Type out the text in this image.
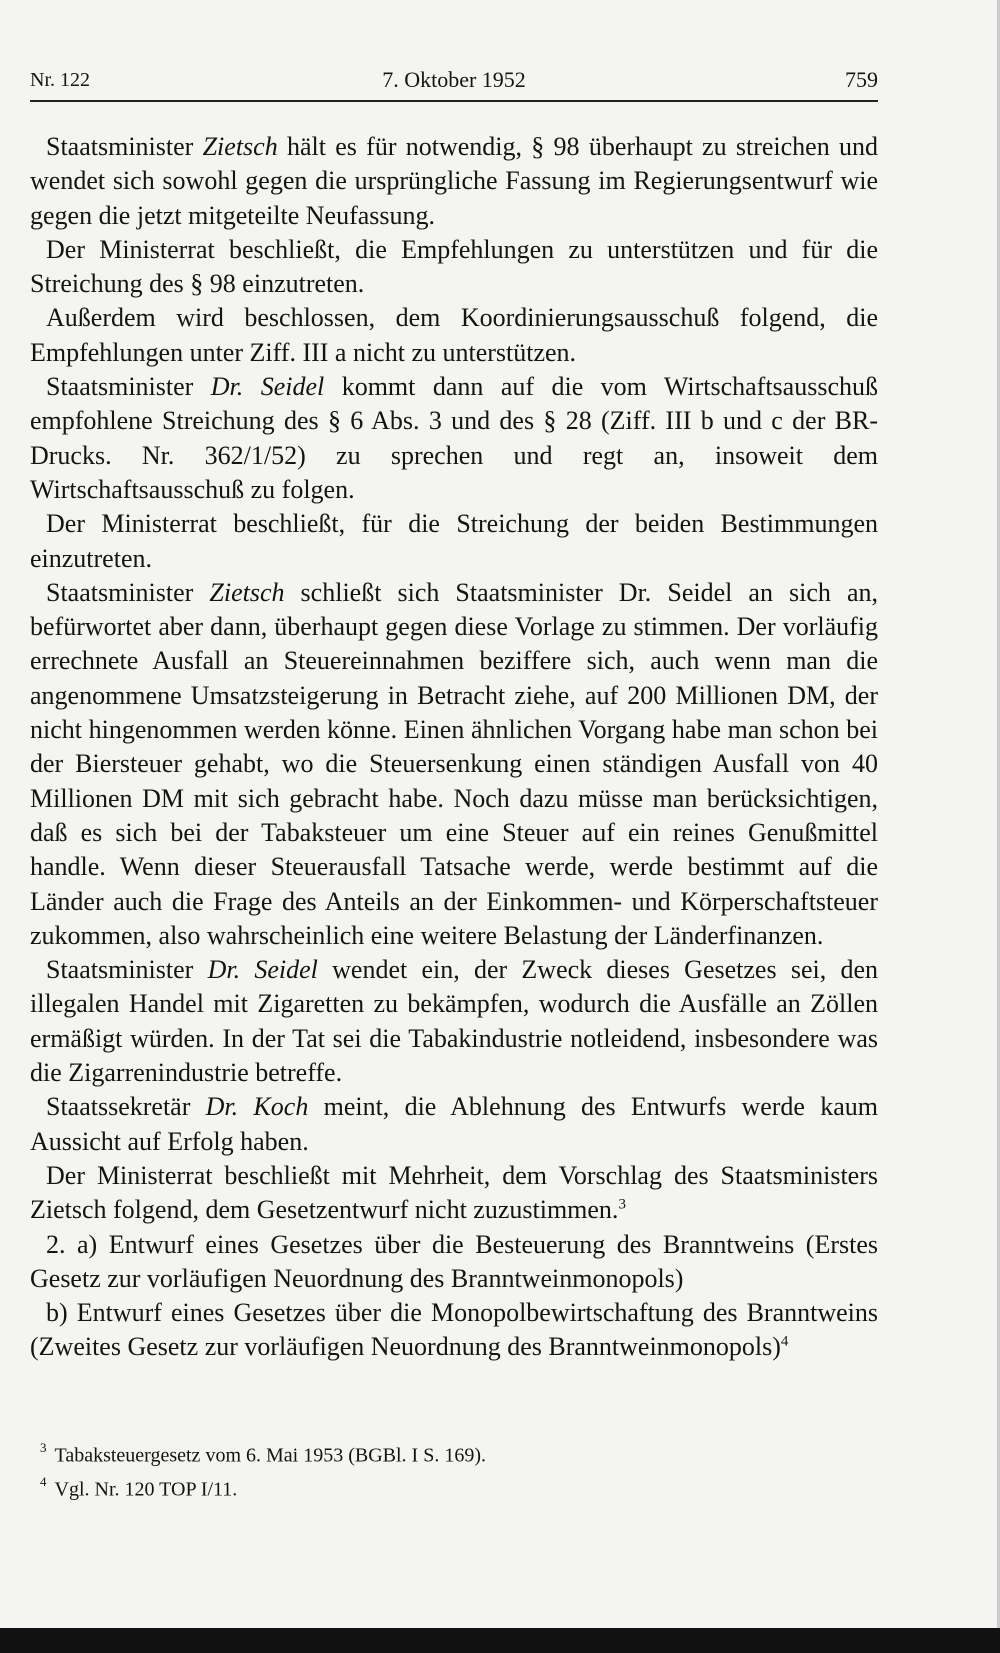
Nr. 122	7. Oktober 1952	759

Staatsminister Zietsch hält es für notwendig, § 98 überhaupt zu streichen und wendet sich sowohl gegen die ursprüngliche Fassung im Regierungsentwurf wie gegen die jetzt mitgeteilte Neufassung.

Der Ministerrat beschließt, die Empfehlungen zu unterstützen und für die Streichung des § 98 einzutreten.

Außerdem wird beschlossen, dem Koordinierungsausschuß folgend, die Empfehlungen unter Ziff. III a nicht zu unterstützen.

Staatsminister Dr. Seidel kommt dann auf die vom Wirtschaftsausschuß empfohlene Streichung des § 6 Abs. 3 und des § 28 (Ziff. III b und c der BR-Drucks. Nr. 362/1/52) zu sprechen und regt an, insoweit dem Wirtschaftsausschuß zu folgen.

Der Ministerrat beschließt, für die Streichung der beiden Bestimmungen einzutreten.

Staatsminister Zietsch schließt sich Staatsminister Dr. Seidel an sich an, befürwortet aber dann, überhaupt gegen diese Vorlage zu stimmen. Der vorläufig errechnete Ausfall an Steuereinnahmen beziffere sich, auch wenn man die angenommene Umsatzsteigerung in Betracht ziehe, auf 200 Millionen DM, der nicht hingenommen werden könne. Einen ähnlichen Vorgang habe man schon bei der Biersteuer gehabt, wo die Steuersenkung einen ständigen Ausfall von 40 Millionen DM mit sich gebracht habe. Noch dazu müsse man berücksichtigen, daß es sich bei der Tabaksteuer um eine Steuer auf ein reines Genußmittel handle. Wenn dieser Steuerausfall Tatsache werde, werde bestimmt auf die Länder auch die Frage des Anteils an der Einkommen- und Körperschaftsteuer zukommen, also wahrscheinlich eine weitere Belastung der Länderfinanzen.

Staatsminister Dr. Seidel wendet ein, der Zweck dieses Gesetzes sei, den illegalen Handel mit Zigaretten zu bekämpfen, wodurch die Ausfälle an Zöllen ermäßigt würden. In der Tat sei die Tabakindustrie notleidend, insbesondere was die Zigarrenindustrie betreffe.

Staatssekretär Dr. Koch meint, die Ablehnung des Entwurfs werde kaum Aussicht auf Erfolg haben.

Der Ministerrat beschließt mit Mehrheit, dem Vorschlag des Staatsministers Zietsch folgend, dem Gesetzentwurf nicht zuzustimmen.$^3$

2. a) Entwurf eines Gesetzes über die Besteuerung des Branntweins (Erstes Gesetz zur vorläufigen Neuordnung des Branntweinmonopols)

b) Entwurf eines Gesetzes über die Monopolbewirtschaftung des Branntweins (Zweites Gesetz zur vorläufigen Neuordnung des Branntweinmonopols)$^4$

$^3$ Tabaksteuergesetz vom 6. Mai 1953 (BGBl. I S. 169).
$^4$ Vgl. Nr. 120 TOP I/11.
